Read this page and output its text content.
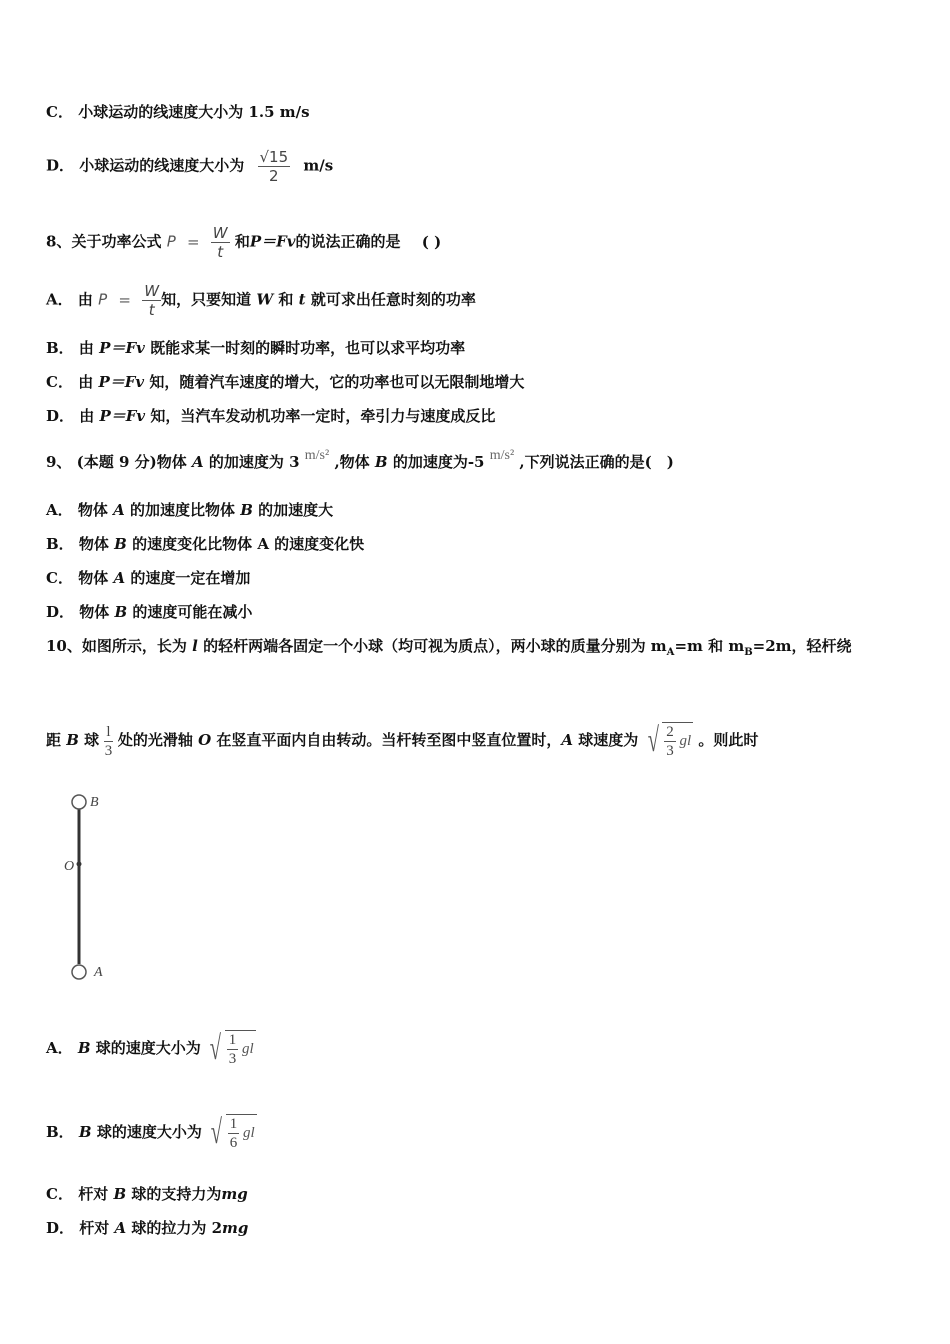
C． 小球运动的线速度大小为 1.5 m/s
D． 小球运动的线速度大小为 $\frac{√15}{2} m/s$
8、关于功率公式 $P = \frac{W}{t}$ 和P＝Fv的说法正确的是 ( )
A． 由 $P = \frac{W}{t}$ 知，只要知道 W 和 t 就可求出任意时刻的功率
B． 由 P＝Fv 既能求某一时刻的瞬时功率，也可以求平均功率
C． 由 P＝Fv 知，随着汽车速度的增大，它的功率也可以无限制地增大
D． 由 P＝Fv 知，当汽车发动机功率一定时，牵引力与速度成反比
9、 (本题 9 分)物体 A 的加速度为 3 m/s² ,物体 B 的加速度为-5 m/s² ,下列说法正确的是(　)
A． 物体 A 的加速度比物体 B 的加速度大
B． 物体 B 的速度变化比物体 A 的速度变化快
C． 物体 A 的速度一定在增加
D． 物体 B 的速度可能在减小
10、如图所示，长为 l 的轻杆两端各固定一个小球（均可视为质点），两小球的质量分别为 $m_A=m$ 和 $m_B=2m$，轻杆绕
距 B 球 $\frac{l}{3}$ 处的光滑轴 O 在竖直平面内自由转动。当杆转至图中竖直位置时，A 球速度为 √ $\frac{2}{3}$ gl 。则此时
B
O
A
A． B 球的速度大小为 √ $\frac{1}{3}$ gl
B． B 球的速度大小为 √ $\frac{1}{6}$ gl
C． 杆对 B 球的支持力为mg
D． 杆对 A 球的拉力为 2mg
